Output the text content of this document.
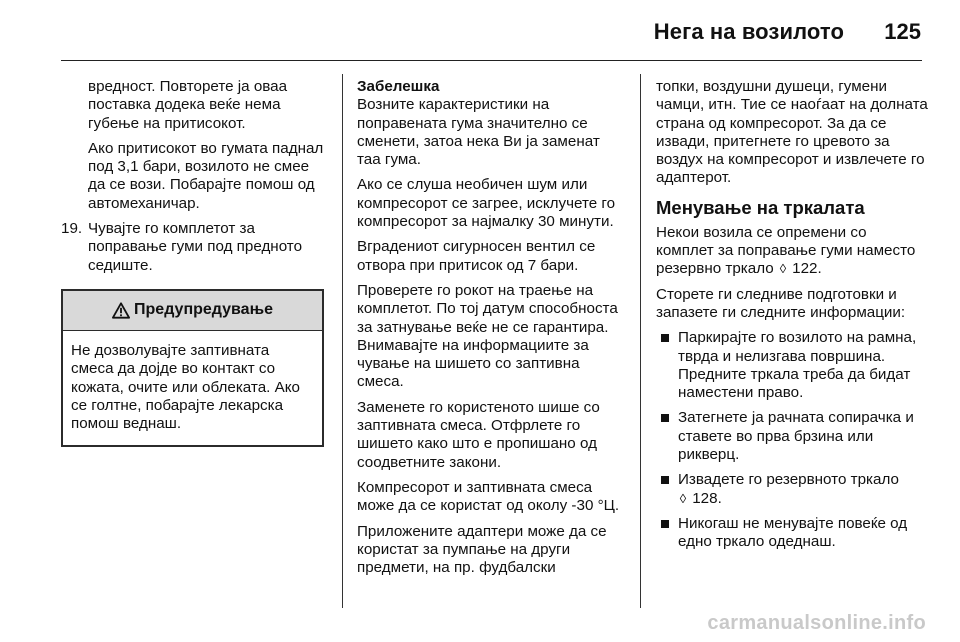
Нега на возилото 125
вредност. Повторете ја оваа поставка додека веќе нема губење на притисокот.
Ако притисокот во гумата паднал под 3,1 бари, возилото не смее да се вози. Побарајте помош од автомеханичар.
19. Чувајте го комплетот за поправање гуми под предното седиште.
Предупредување
Не дозволувајте заптивната смеса да дојде во контакт со кожата, очите или облеката. Ако се голтне, побарајте лекарска помош веднаш.
Забелешка
Возните карактеристики на поправената гума значително се сменети, затоа нека Ви ја заменат таа гума.
Ако се слуша необичен шум или компресорот се загрее, исклучете го компресорот за најмалку 30 минути.
Вградениот сигурносен вентил се отвора при притисок од 7 бари.
Проверете го рокот на траење на комплетот. По тој датум способноста за затнување веќе не се гарантира. Внимавајте на информациите за чување на шишето со заптивна смеса.
Заменете го користеното шише со заптивната смеса. Отфрлете го шишето како што е пропишано од соодветните закони.
Компресорот и заптивната смеса може да се користат од околу -30 °Ц.
Приложените адаптери може да се користат за пумпање на други предмети, на пр. фудбалски
топки, воздушни душеци, гумени чамци, итн. Тие се наоѓаат на долната страна од компресорот. За да се извади, притегнете го цревото за воздух на компресорот и извлечете го адаптерот.
Менување на тркалата
Некои возила се опремени со комплет за поправање гуми наместо резервно тркало ◊ 122.
Сторете ги следниве подготовки и запазете ги следните информации:
Паркирајте го возилото на рамна, тврда и нелизгава површина. Предните тркала треба да бидат наместени право.
Затегнете ја рачната сопирачка и ставете во прва брзина или рикверц.
Извадете го резервното тркало
◊ 128.
Никогаш не менувајте повеќе од едно тркало одеднаш.
carmanualsonline.info
